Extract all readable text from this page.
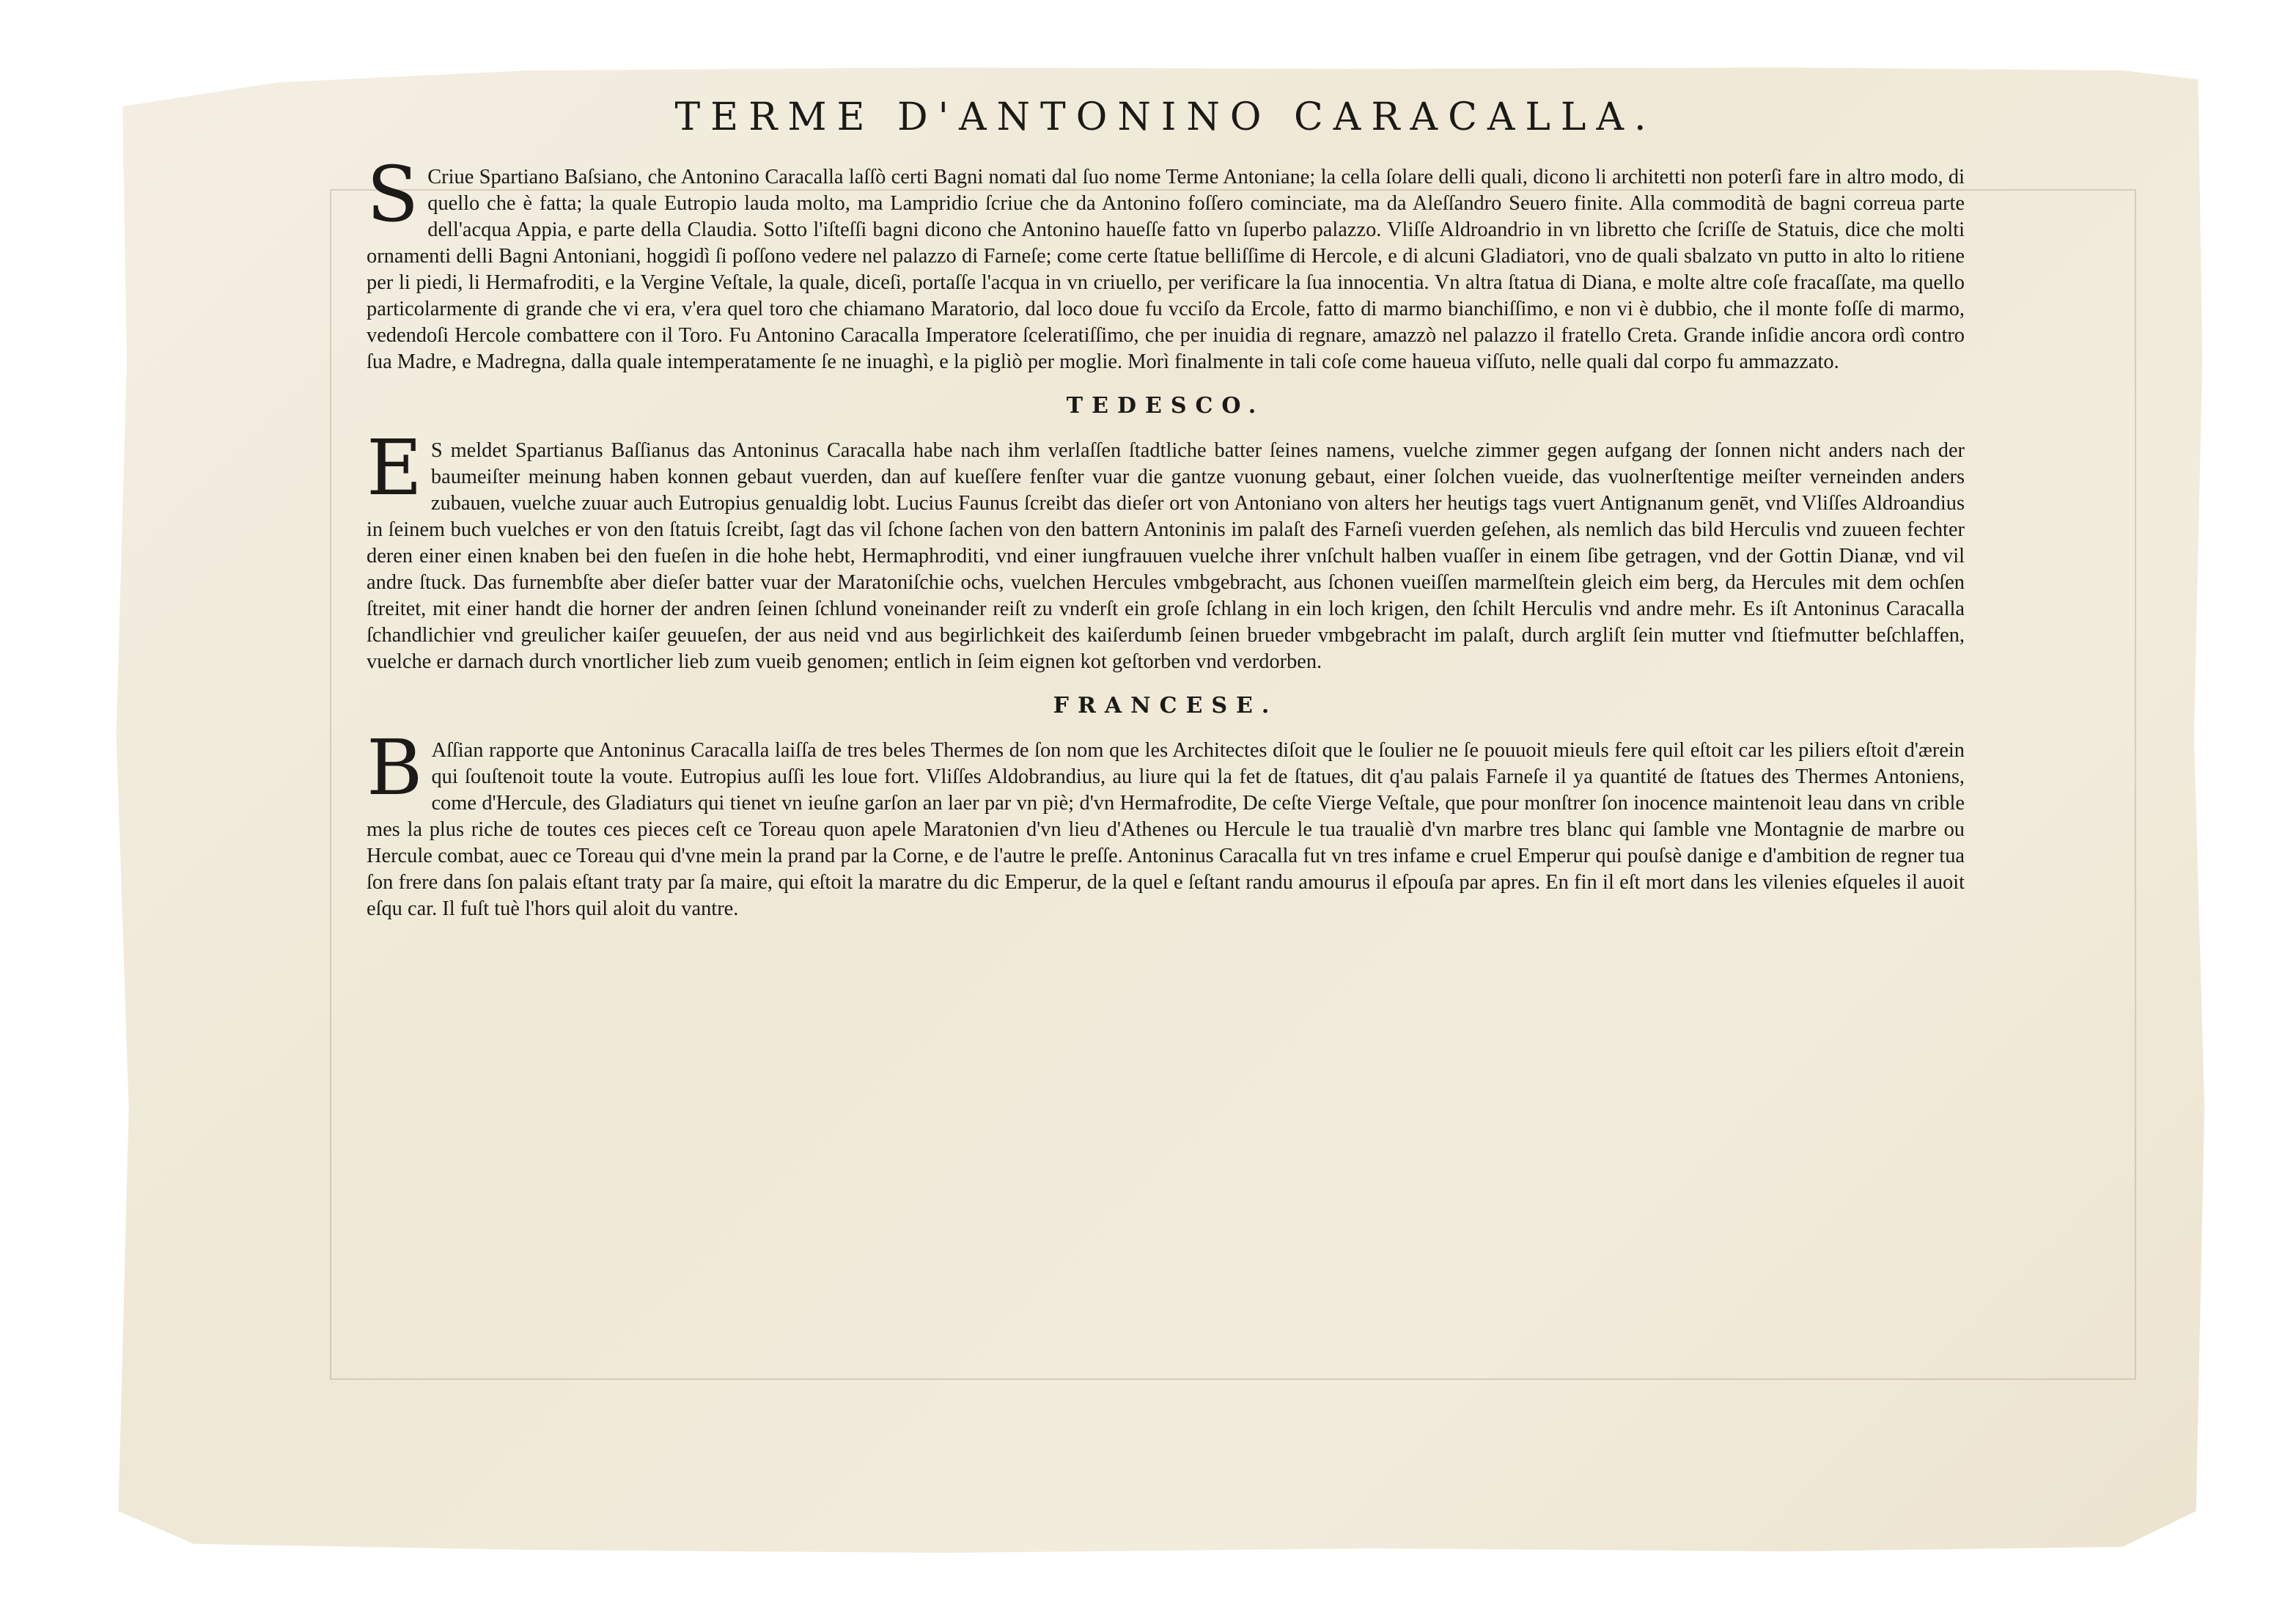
TERME D'ANTONINO CARACALLA.

S Criue Spartiano Baſsiano, che Antonino Caracalla laſſò certi Bagni nomati dal ſuo nome Terme Antoniane; la cella ſolare delli quali, dicono li architetti non poterſi fare in altro modo, di quello che è fatta; la quale Eutropio lauda molto, ma Lampridio ſcriue che da Antonino foſſero cominciate, ma da Aleſſandro Seuero finite. Alla commodità de bagni correua parte dell'acqua Appia, e parte della Claudia. Sotto l'iſteſſi bagni dicono che Antonino haueſſe fatto vn ſuperbo palazzo. Vliſſe Aldroandrio in vn libretto che ſcriſſe de Statuis, dice che molti ornamenti delli Bagni Antoniani, hoggidì ſi poſſono vedere nel palazzo di Farneſe; come certe ſtatue belliſſime di Hercole, e di alcuni Gladiatori, vno de quali sbalzato vn putto in alto lo ritiene per li piedi, li Hermafroditi, e la Vergine Veſtale, la quale, diceſi, portaſſe l'acqua in vn criuello, per verificare la ſua innocentia. Vn altra ſtatua di Diana, e molte altre coſe fracaſſate, ma quello particolarmente di grande che vi era, v'era quel toro che chiamano Maratorio, dal loco doue fu vcciſo da Ercole, fatto di marmo bianchiſſimo, e non vi è dubbio, che il monte foſſe di marmo, vedendoſi Hercole combattere con il Toro. Fu Antonino Caracalla Imperatore ſceleratiſſimo, che per inuidia di regnare, amazzò nel palazzo il fratello Creta. Grande inſidie ancora ordì contro ſua Madre, e Madregna, dalla quale intemperatamente ſe ne inuaghì, e la pigliò per moglie. Morì finalmente in tali coſe come haueua viſſuto, nelle quali dal corpo fu ammazzato.

TEDESCO.

E S meldet Spartianus Baſſianus das Antoninus Caracalla habe nach ihm verlaſſen ſtadtliche batter ſeines namens, vuelche zimmer gegen aufgang der ſonnen nicht anders nach der baumeiſter meinung haben konnen gebaut vuerden, dan auf kueſſere fenſter vuar die gantze vuonung gebaut, einer ſolchen vueide, das vuolnerſtentige meiſter verneinden anders zubauen, vuelche zuuar auch Eutropius genualdig lobt. Lucius Faunus ſcreibt das dieſer ort von Antoniano von alters her heutigs tags vuert Antignanum genēt, vnd Vliſſes Aldroandius in ſeinem buch vuelches er von den ſtatuis ſcreibt, ſagt das vil ſchone ſachen von den battern Antoninis im palaſt des Farneſi vuerden geſehen, als nemlich das bild Herculis vnd zuueen fechter deren einer einen knaben bei den fueſen in die hohe hebt, Hermaphroditi, vnd einer iungfrauuen vuelche ihrer vnſchult halben vuaſſer in einem ſibe getragen, vnd der Gottin Dianæ, vnd vil andre ſtuck. Das furnembſte aber dieſer batter vuar der Maratoniſchie ochs, vuelchen Hercules vmbgebracht, aus ſchonen vueiſſen marmelſtein gleich eim berg, da Hercules mit dem ochſen ſtreitet, mit einer handt die horner der andren ſeinen ſchlund voneinander reiſt zu vnderſt ein groſe ſchlang in ein loch krigen, den ſchilt Herculis vnd andre mehr. Es iſt Antoninus Caracalla ſchandlichier vnd greulicher kaiſer geuueſen, der aus neid vnd aus begirlichkeit des kaiſerdumb ſeinen brueder vmbgebracht im palaſt, durch argliſt ſein mutter vnd ſtiefmutter beſchlaffen, vuelche er darnach durch vnortlicher lieb zum vueib genomen; entlich in ſeim eignen kot geſtorben vnd verdorben.

FRANCESE.

B Aſſian rapporte que Antoninus Caracalla laiſſa de tres beles Thermes de ſon nom que les Architectes diſoit que le ſoulier ne ſe pouuoit mieuls fere quil eſtoit car les piliers eſtoit d'ærein qui ſouſtenoit toute la voute. Eutropius auſſi les loue fort. Vliſſes Aldobrandius, au liure qui la fet de ſtatues, dit q'au palais Farneſe il ya quantité de ſtatues des Thermes Antoniens, come d'Hercule, des Gladiaturs qui tienet vn ieuſne garſon an laer par vn piè; d'vn Hermafrodite, De ceſte Vierge Veſtale, que pour monſtrer ſon inocence maintenoit leau dans vn crible mes la plus riche de toutes ces pieces ceſt ce Toreau quon apele Maratonien d'vn lieu d'Athenes ou Hercule le tua traualiè d'vn marbre tres blanc qui ſamble vne Montagnie de marbre ou Hercule combat, auec ce Toreau qui d'vne mein la prand par la Corne, e de l'autre le preſſe. Antoninus Caracalla fut vn tres infame e cruel Emperur qui pouſsè danige e d'ambition de regner tua ſon frere dans ſon palais eſtant traty par ſa maire, qui eſtoit la maratre du dic Emperur, de la quel e ſeſtant randu amourus il eſpouſa par apres. En fin il eſt mort dans les vilenies eſqueles il auoit eſqu car. Il fuſt tuè l'hors quil aloit du vantre.
